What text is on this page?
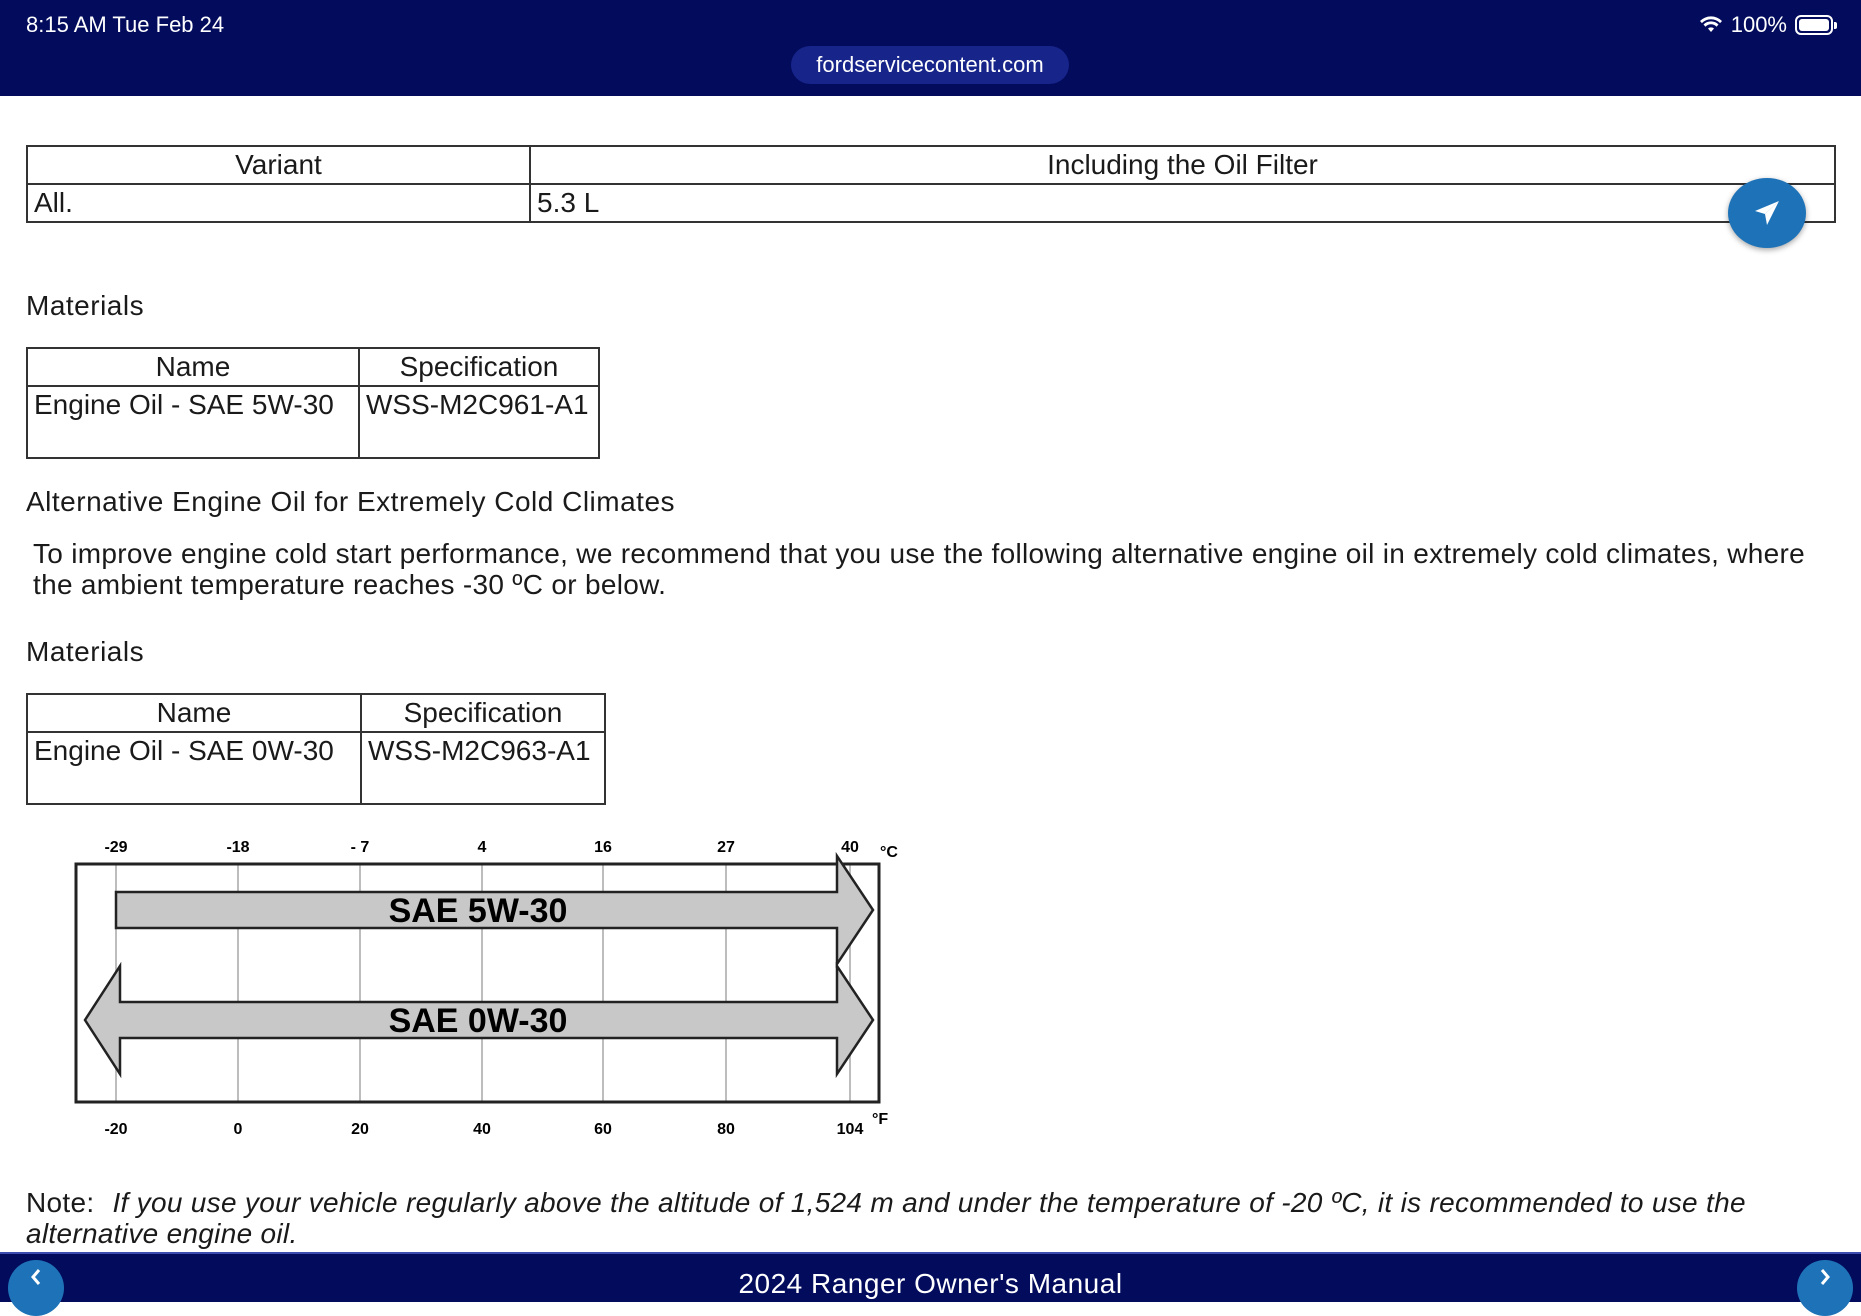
8:15 AM Tue Feb 24	100%
fordservicecontent.com
Variant	Including the Oil Filter
All.	5.3 L
Materials
Name	Specification
Engine Oil - SAE 5W-30	WSS-M2C961-A1
Alternative Engine Oil for Extremely Cold Climates
To improve engine cold start performance, we recommend that you use the following alternative engine oil in extremely cold climates, where the ambient temperature reaches -30 ºC or below.
Materials
Name	Specification
Engine Oil - SAE 0W-30	WSS-M2C963-A1
-29	-18	- 7	4	16	27	40 °C
-20	0	20	40	60	80	104
°F
SAE 5W-30
SAE 0W-30
Note: If you use your vehicle regularly above the altitude of 1,524 m and under the temperature of -20 ºC, it is recommended to use the alternative engine oil.
2024 Ranger Owner's Manual
